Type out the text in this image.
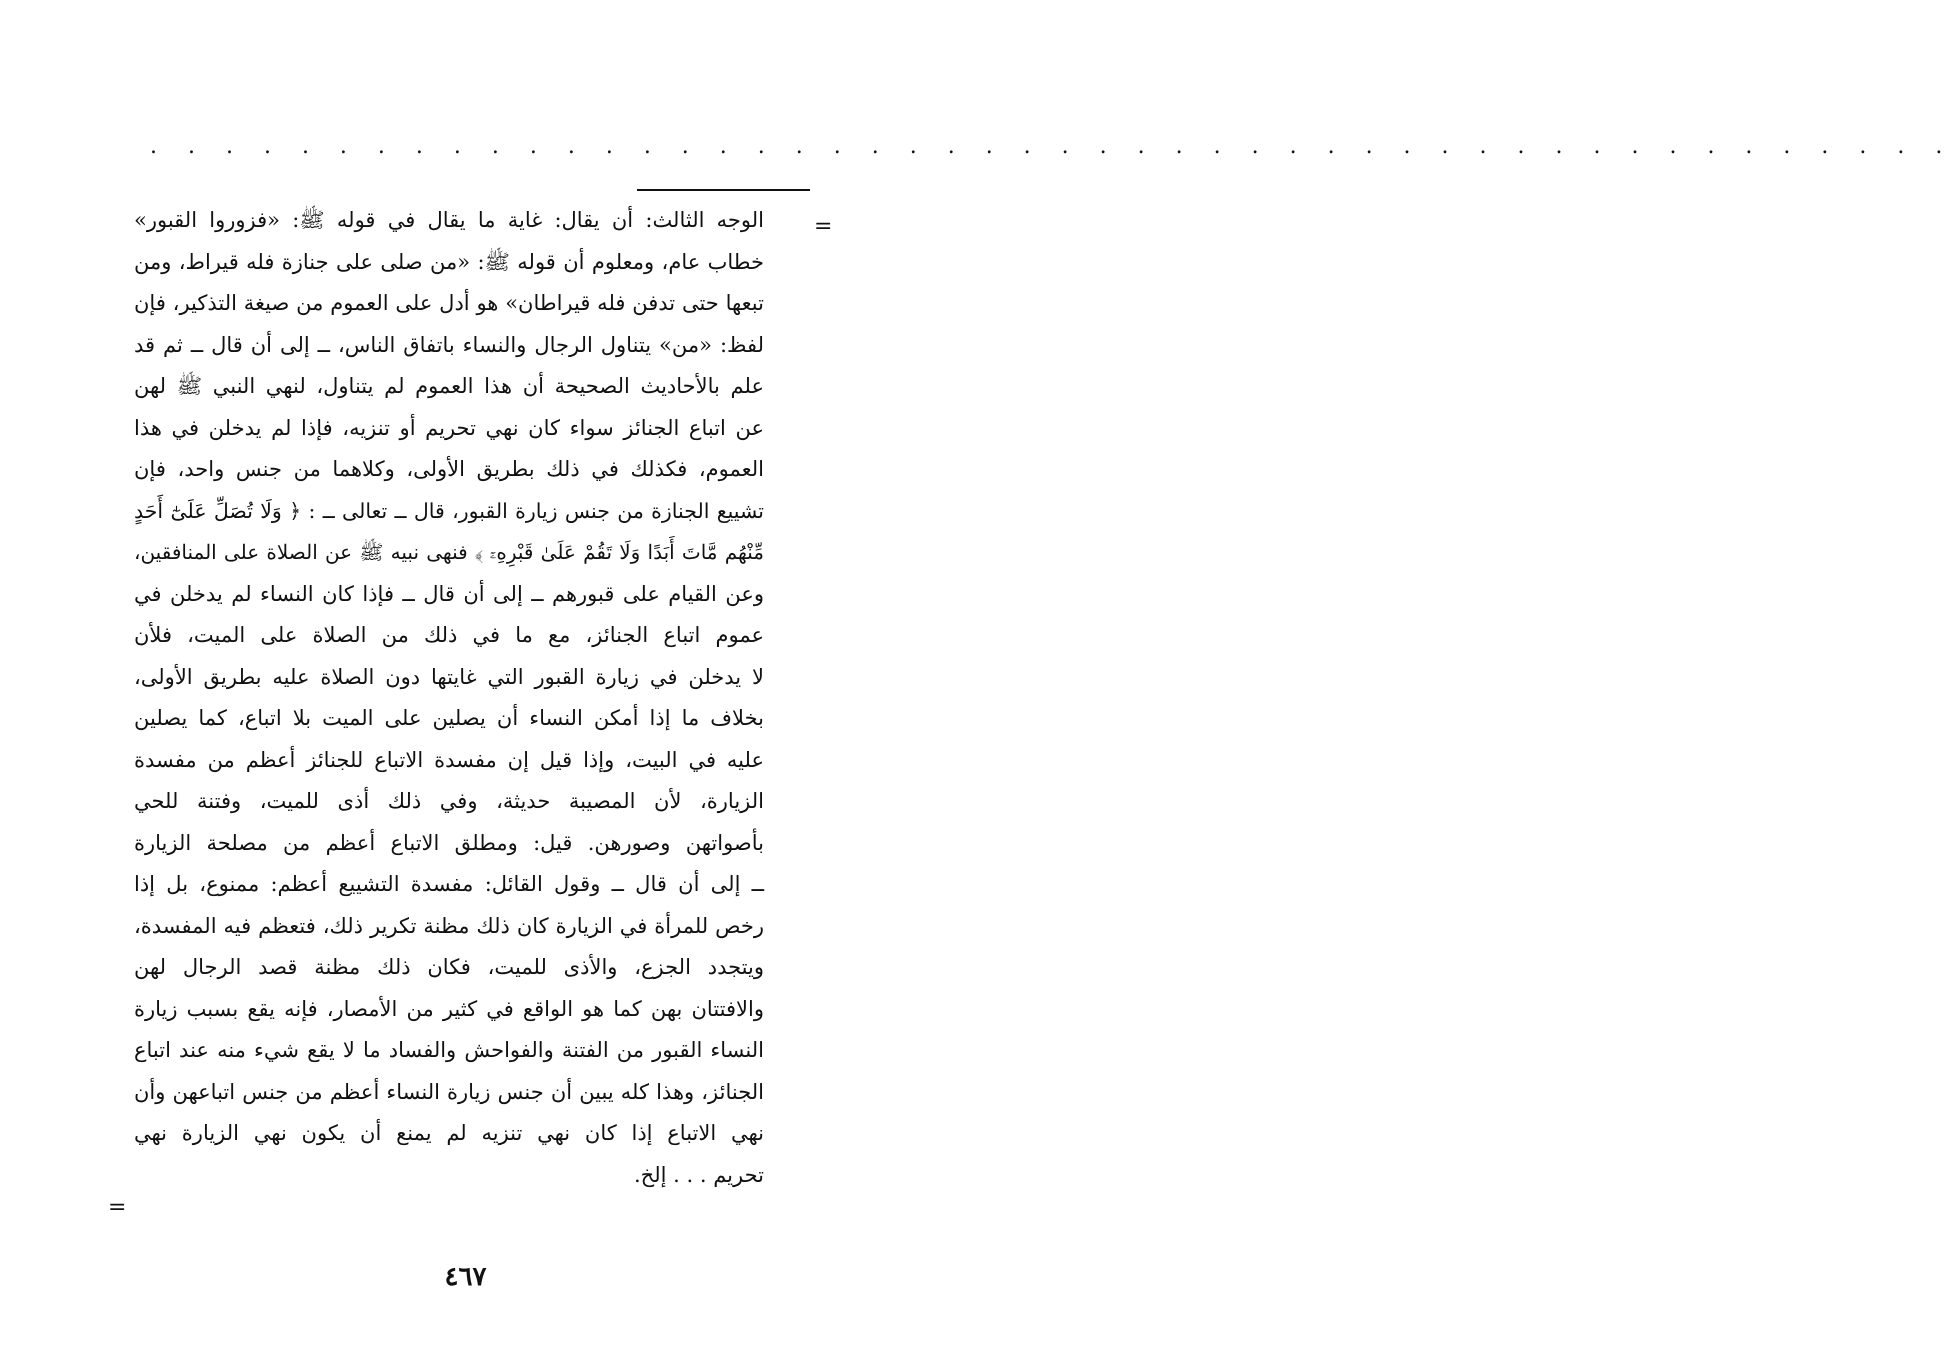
. . . . . . . . . . . . . . . . . . . . . . . . . . . . . . . . . . . . . . . . . . . . . . . .
=
الوجه الثالث: أن يقال: غاية ما يقال في قوله ﷺ: «فزوروا القبور»
خطاب عام، ومعلوم أن قوله ﷺ: «من صلى على جنازة فله قيراط، ومن
تبعها حتى تدفن فله قيراطان» هو أدل على العموم من صيغة التذكير، فإن
لفظ: «من» يتناول الرجال والنساء باتفاق الناس، ــ إلى أن قال ــ ثم قد
علم بالأحاديث الصحيحة أن هذا العموم لم يتناول، لنهي النبي ﷺ لهن
عن اتباع الجنائز سواء كان نهي تحريم أو تنزيه، فإذا لم يدخلن في هذا
العموم، فكذلك في ذلك بطريق الأولى، وكلاهما من جنس واحد، فإن
تشييع الجنازة من جنس زيارة القبور، قال ــ تعالى ــ : ﴿ وَلَا تُصَلِّ عَلَىٰٓ أَحَدٍ
مِّنْهُم مَّاتَ أَبَدًا وَلَا تَقُمْ عَلَىٰ قَبْرِهِۦٓ ﴾ فنهى نبيه ﷺ عن الصلاة على المنافقين،
وعن القيام على قبورهم ــ إلى أن قال ــ فإذا كان النساء لم يدخلن في
عموم اتباع الجنائز، مع ما في ذلك من الصلاة على الميت، فلأن
لا يدخلن في زيارة القبور التي غايتها دون الصلاة عليه بطريق الأولى،
بخلاف ما إذا أمكن النساء أن يصلين على الميت بلا اتباع، كما يصلين
عليه في البيت، وإذا قيل إن مفسدة الاتباع للجنائز أعظم من مفسدة
الزيارة، لأن المصيبة حديثة، وفي ذلك أذى للميت، وفتنة للحي
بأصواتهن وصورهن. قيل: ومطلق الاتباع أعظم من مصلحة الزيارة
ــ إلى أن قال ــ وقول القائل: مفسدة التشييع أعظم: ممنوع، بل إذا
رخص للمرأة في الزيارة كان ذلك مظنة تكرير ذلك، فتعظم فيه المفسدة،
ويتجدد الجزع، والأذى للميت، فكان ذلك مظنة قصد الرجال لهن
والافتتان بهن كما هو الواقع في كثير من الأمصار، فإنه يقع بسبب زيارة
النساء القبور من الفتنة والفواحش والفساد ما لا يقع شيء منه عند اتباع
الجنائز، وهذا كله يبين أن جنس زيارة النساء أعظم من جنس اتباعهن وأن
نهي الاتباع إذا كان نهي تنزيه لم يمنع أن يكون نهي الزيارة نهي
تحريم . . . إلخ.
=
٤٦٧
